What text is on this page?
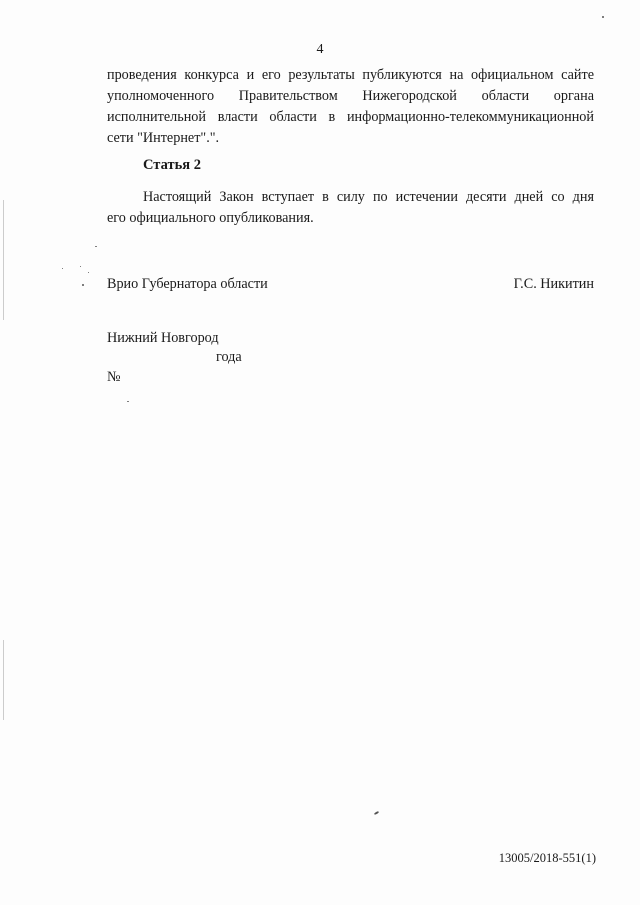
4
проведения конкурса и его результаты публикуются на официальном сайте
уполномоченного Правительством Нижегородской области органа
исполнительной власти области в информационно-телекоммуникационной
сети "Интернет".".
Статья 2
Настоящий Закон вступает в силу по истечении десяти дней со дня
его официального опубликования.
Врио Губернатора области	Г.С. Никитин
Нижний Новгород
года
№
13005/2018-551(1)
